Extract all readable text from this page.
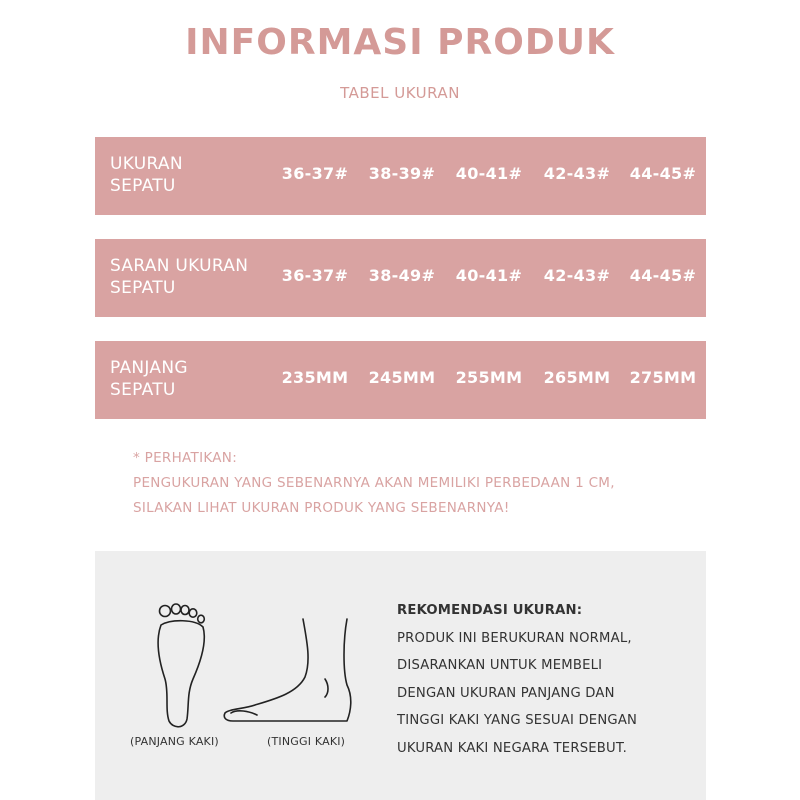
INFORMASI PRODUK
TABEL UKURAN
UKURAN
SEPATU
36-37#	38-39#	40-41#	42-43#	44-45#
SARAN UKURAN
SEPATU
36-37#	38-49#	40-41#	42-43#	44-45#
PANJANG
SEPATU
235MM	245MM	255MM	265MM	275MM
* PERHATIKAN:
PENGUKURAN YANG SEBENARNYA AKAN MEMILIKI PERBEDAAN 1 CM,
SILAKAN LIHAT UKURAN PRODUK YANG SEBENARNYA!
(PANJANG KAKI)	(TINGGI KAKI)
REKOMENDASI UKURAN:
PRODUK INI BERUKURAN NORMAL,
DISARANKAN UNTUK MEMBELI
DENGAN UKURAN PANJANG DAN
TINGGI KAKI YANG SESUAI DENGAN
UKURAN KAKI NEGARA TERSEBUT.
